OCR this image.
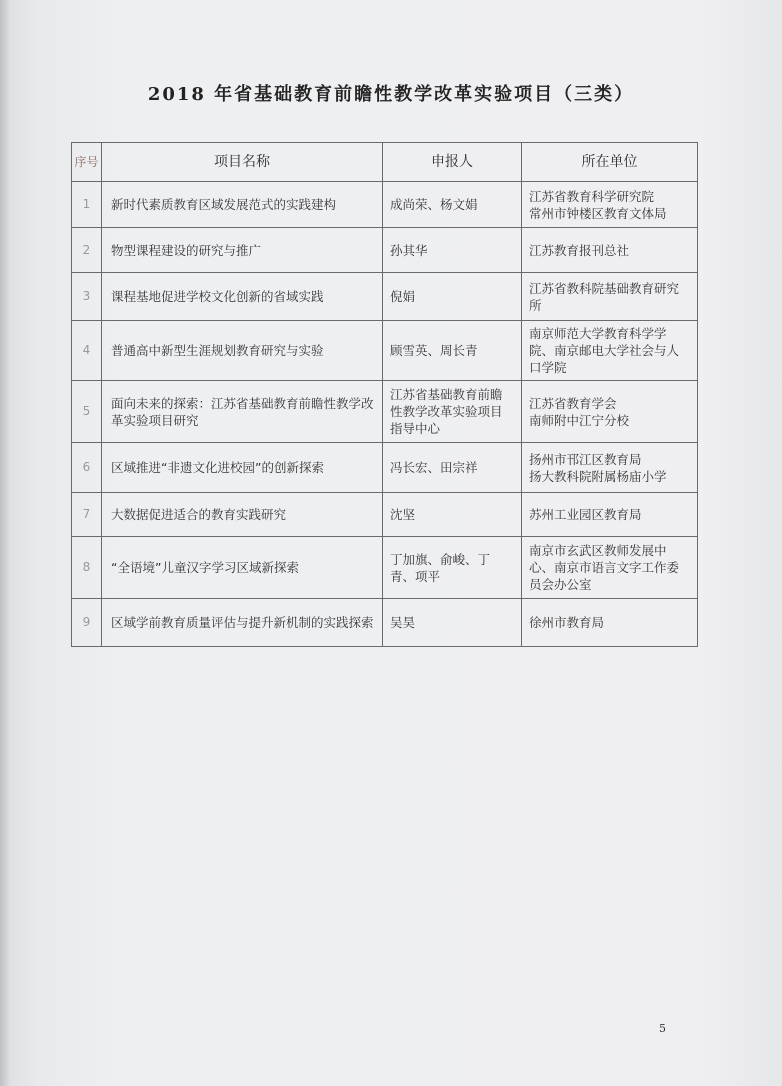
2018 年省基础教育前瞻性教学改革实验项目（三类）
序号	项目名称	申报人	所在单位
1	新时代素质教育区域发展范式的实践建构	成尚荣、杨文娟	江苏省教育科学研究院
常州市钟楼区教育文体局
2	物型课程建设的研究与推广	孙其华	江苏教育报刊总社
3	课程基地促进学校文化创新的省域实践	倪娟	江苏省教科院基础教育研究所
4	普通高中新型生涯规划教育研究与实验	顾雪英、周长青	南京师范大学教育科学学院、南京邮电大学社会与人口学院
5	面向未来的探索：江苏省基础教育前瞻性教学改革实验项目研究	江苏省基础教育前瞻性教学改革实验项目指导中心	江苏省教育学会
南师附中江宁分校
6	区域推进“非遗文化进校园”的创新探索	冯长宏、田宗祥	扬州市邗江区教育局
扬大教科院附属杨庙小学
7	大数据促进适合的教育实践研究	沈坚	苏州工业园区教育局
8	“全语境”儿童汉字学习区域新探索	丁加旗、俞峻、丁青、项平	南京市玄武区教师发展中心、南京市语言文字工作委员会办公室
9	区域学前教育质量评估与提升新机制的实践探索	吴昊	徐州市教育局
5
